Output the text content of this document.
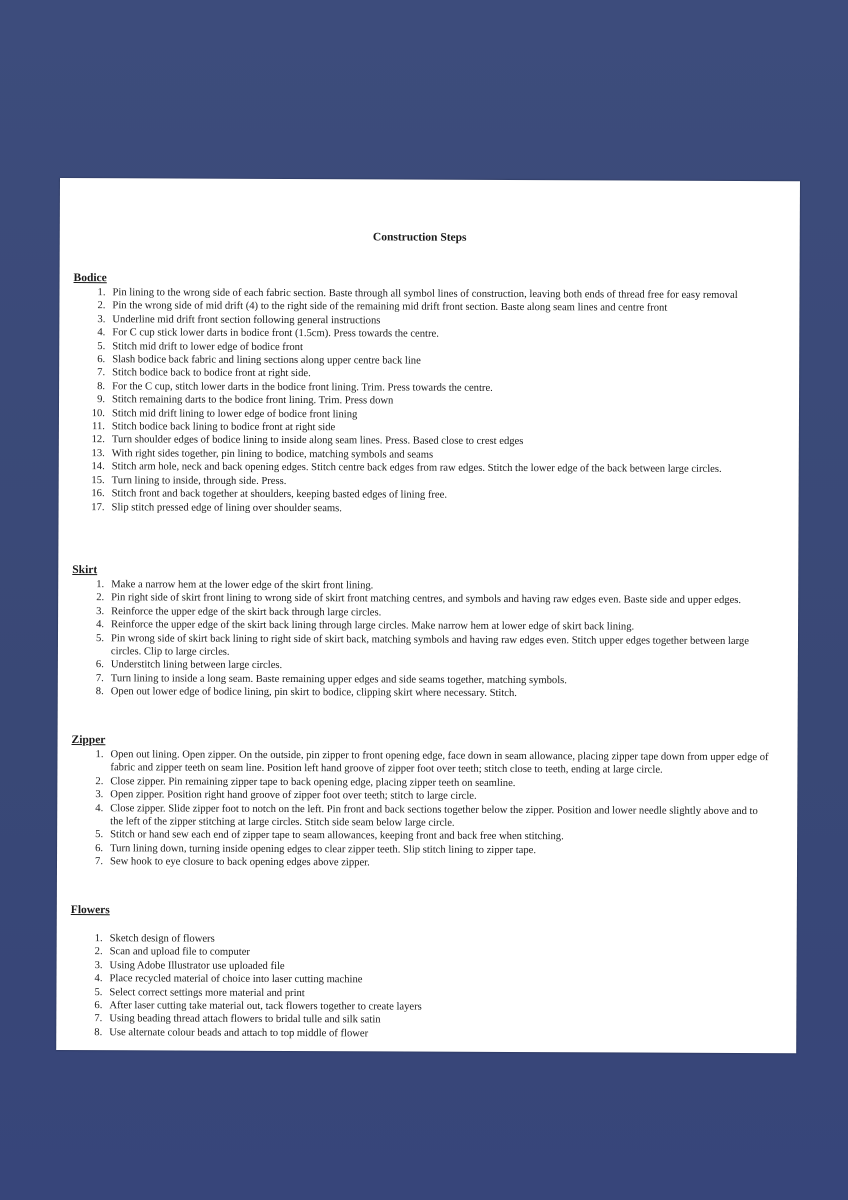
Construction Steps
Bodice
1. Pin lining to the wrong side of each fabric section. Baste through all symbol lines of construction, leaving both ends of thread free for easy removal
2. Pin the wrong side of mid drift (4) to the right side of the remaining mid drift front section. Baste along seam lines and centre front
3. Underline mid drift front section following general instructions
4. For C cup stick lower darts in bodice front (1.5cm). Press towards the centre.
5. Stitch mid drift to lower edge of bodice front
6. Slash bodice back fabric and lining sections along upper centre back line
7. Stitch bodice back to bodice front at right side.
8. For the C cup, stitch lower darts in the bodice front lining. Trim. Press towards the centre.
9. Stitch remaining darts to the bodice front lining. Trim. Press down
10. Stitch mid drift lining to lower edge of bodice front lining
11. Stitch bodice back lining to bodice front at right side
12. Turn shoulder edges of bodice lining to inside along seam lines. Press. Based close to crest edges
13. With right sides together, pin lining to bodice, matching symbols and seams
14. Stitch arm hole, neck and back opening edges. Stitch centre back edges from raw edges. Stitch the lower edge of the back between large circles.
15. Turn lining to inside, through side. Press.
16. Stitch front and back together at shoulders, keeping basted edges of lining free.
17. Slip stitch pressed edge of lining over shoulder seams.
Skirt
1. Make a narrow hem at the lower edge of the skirt front lining.
2. Pin right side of skirt front lining to wrong side of skirt front matching centres, and symbols and having raw edges even. Baste side and upper edges.
3. Reinforce the upper edge of the skirt back through large circles.
4. Reinforce the upper edge of the skirt back lining through large circles. Make narrow hem at lower edge of skirt back lining.
5. Pin wrong side of skirt back lining to right side of skirt back, matching symbols and having raw edges even. Stitch upper edges together between large circles. Clip to large circles.
6. Understitch lining between large circles.
7. Turn lining to inside a long seam. Baste remaining upper edges and side seams together, matching symbols.
8. Open out lower edge of bodice lining, pin skirt to bodice, clipping skirt where necessary. Stitch.
Zipper
1. Open out lining. Open zipper. On the outside, pin zipper to front opening edge, face down in seam allowance, placing zipper tape down from upper edge of fabric and zipper teeth on seam line. Position left hand groove of zipper foot over teeth; stitch close to teeth, ending at large circle.
2. Close zipper. Pin remaining zipper tape to back opening edge, placing zipper teeth on seamline.
3. Open zipper. Position right hand groove of zipper foot over teeth; stitch to large circle.
4. Close zipper. Slide zipper foot to notch on the left. Pin front and back sections together below the zipper. Position and lower needle slightly above and to the left of the zipper stitching at large circles. Stitch side seam below large circle.
5. Stitch or hand sew each end of zipper tape to seam allowances, keeping front and back free when stitching.
6. Turn lining down, turning inside opening edges to clear zipper teeth. Slip stitch lining to zipper tape.
7. Sew hook to eye closure to back opening edges above zipper.
Flowers
1. Sketch design of flowers
2. Scan and upload file to computer
3. Using Adobe Illustrator use uploaded file
4. Place recycled material of choice into laser cutting machine
5. Select correct settings more material and print
6. After laser cutting take material out, tack flowers together to create layers
7. Using beading thread attach flowers to bridal tulle and silk satin
8. Use alternate colour beads and attach to top middle of flower
